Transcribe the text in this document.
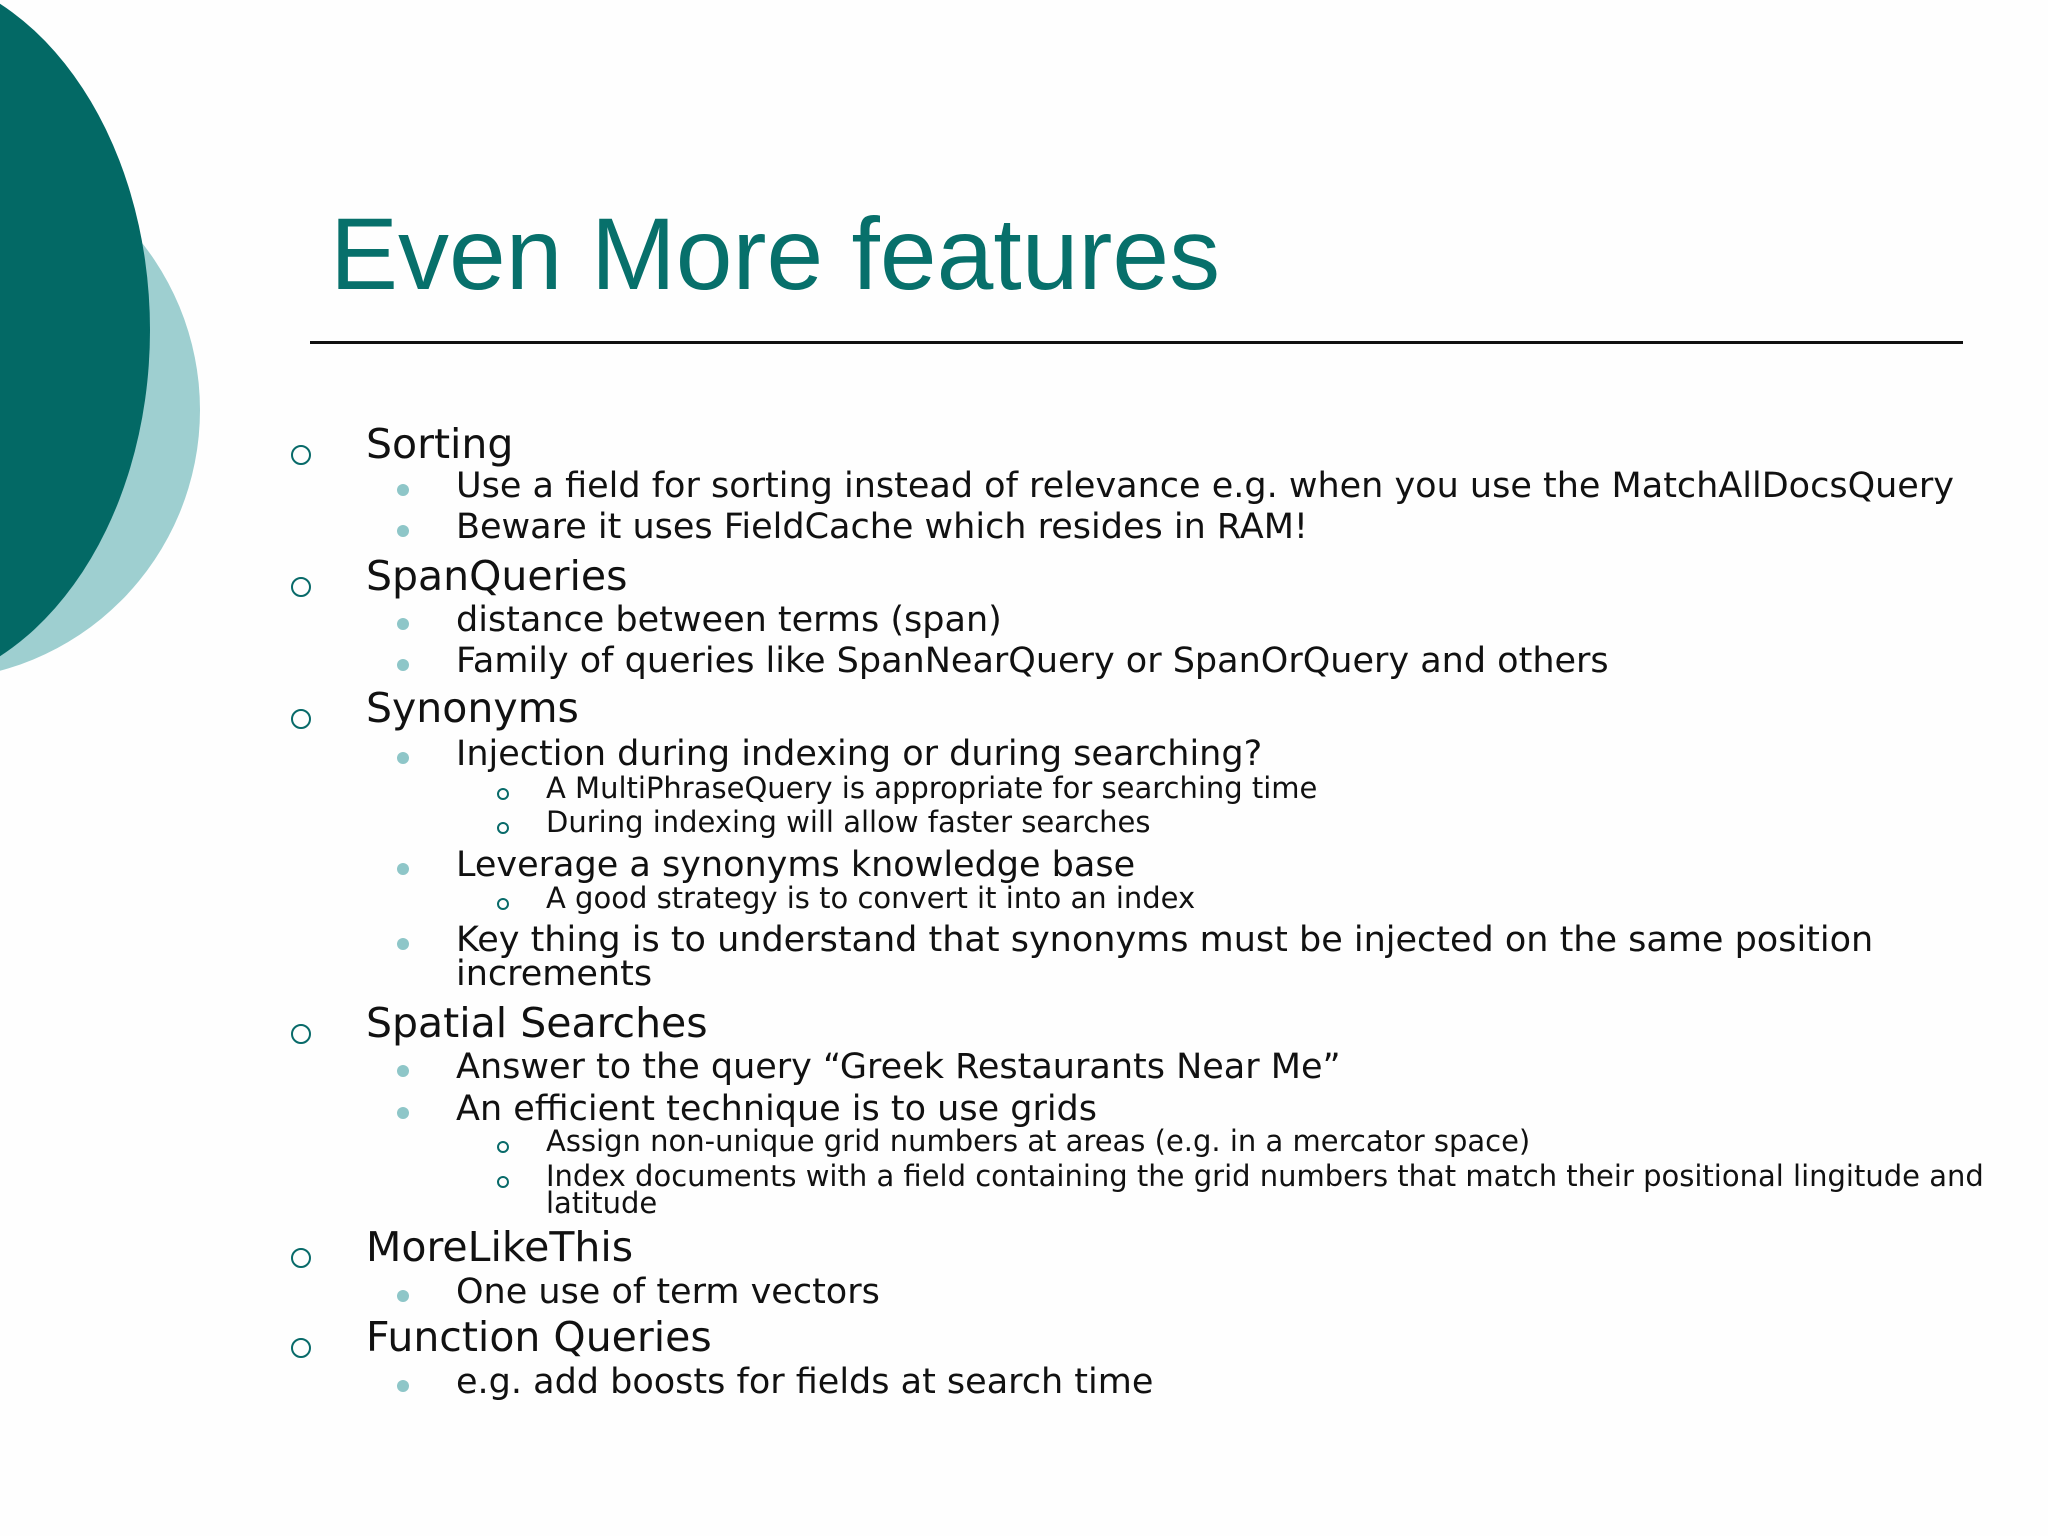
Even More features
Sorting
Use a field for sorting instead of relevance e.g. when you use the MatchAllDocsQuery
Beware it uses FieldCache which resides in RAM!
SpanQueries
distance between terms (span)
Family of queries like SpanNearQuery or SpanOrQuery and others
Synonyms
Injection during indexing or during searching?
A MultiPhraseQuery is appropriate for searching time
During indexing will allow faster searches
Leverage a synonyms knowledge base
A good strategy is to convert it into an index
Key thing is to understand that synonyms must be injected on the same position increments
Spatial Searches
Answer to the query “Greek Restaurants Near Me”
An efficient technique is to use grids
Assign non-unique grid numbers at areas (e.g. in a mercator space)
Index documents with a field containing the grid numbers that match their positional lingitude and latitude
MoreLikeThis
One use of term vectors
Function Queries
e.g. add boosts for fields at search time
